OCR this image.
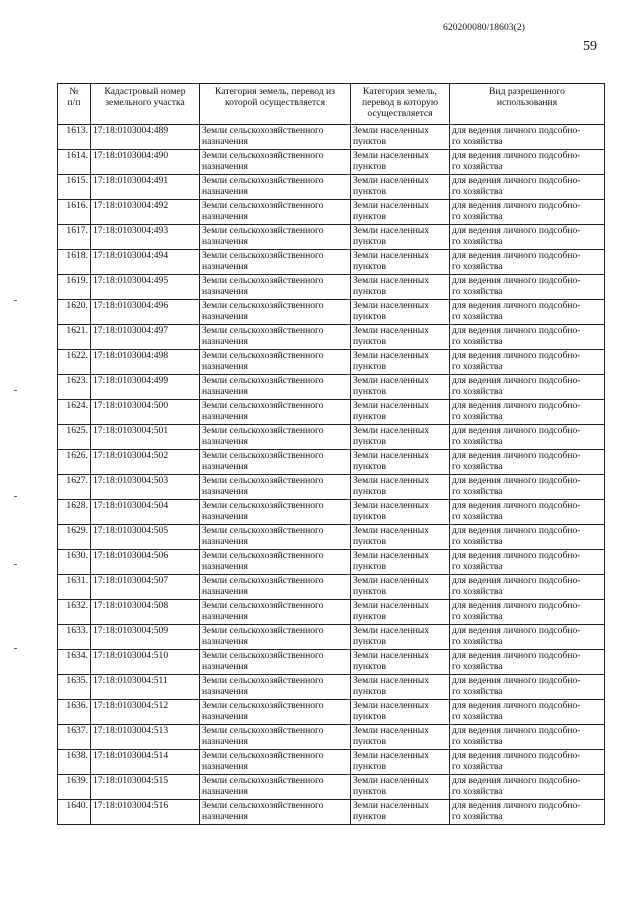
620200080/18603(2)
59
№
п/п	Кадастровый номер
земельного участка	Категория земель, перевод из
которой осуществляется	Категория земель,
перевод в которую
осуществляется	Вид разрешенного
использования

1613.	17:18:0103004:489	Земли сельскохозяйственного
назначения	Земли населенных
пунктов	для ведения личного подсобно-
го хозяйства

1614.	17:18:0103004:490	Земли сельскохозяйственного
назначения	Земли населенных
пунктов	для ведения личного подсобно-
го хозяйства

1615.	17:18:0103004:491	Земли сельскохозяйственного
назначения	Земли населенных
пунктов	для ведения личного подсобно-
го хозяйства

1616.	17:18:0103004:492	Земли сельскохозяйственного
назначения	Земли населенных
пунктов	для ведения личного подсобно-
го хозяйства

1617.	17:18:0103004:493	Земли сельскохозяйственного
назначения	Земли населенных
пунктов	для ведения личного подсобно-
го хозяйства

1618.	17:18:0103004:494	Земли сельскохозяйственного
назначения	Земли населенных
пунктов	для ведения личного подсобно-
го хозяйства

1619.	17:18:0103004:495	Земли сельскохозяйственного
назначения	Земли населенных
пунктов	для ведения личного подсобно-
го хозяйства

1620.	17:18:0103004:496	Земли сельскохозяйственного
назначения	Земли населенных
пунктов	для ведения личного подсобно-
го хозяйства

1621.	17:18:0103004:497	Земли сельскохозяйственного
назначения	Земли населенных
пунктов	для ведения личного подсобно-
го хозяйства

1622.	17:18:0103004:498	Земли сельскохозяйственного
назначения	Земли населенных
пунктов	для ведения личного подсобно-
го хозяйства

1623.	17:18:0103004:499	Земли сельскохозяйственного
назначения	Земли населенных
пунктов	для ведения личного подсобно-
го хозяйства

1624.	17:18:0103004:500	Земли сельскохозяйственного
назначения	Земли населенных
пунктов	для ведения личного подсобно-
го хозяйства

1625.	17:18:0103004:501	Земли сельскохозяйственного
назначения	Земли населенных
пунктов	для ведения личного подсобно-
го хозяйства

1626.	17:18:0103004:502	Земли сельскохозяйственного
назначения	Земли населенных
пунктов	для ведения личного подсобно-
го хозяйства

1627.	17:18:0103004:503	Земли сельскохозяйственного
назначения	Земли населенных
пунктов	для ведения личного подсобно-
го хозяйства

1628.	17:18:0103004:504	Земли сельскохозяйственного
назначения	Земли населенных
пунктов	для ведения личного подсобно-
го хозяйства

1629.	17:18:0103004:505	Земли сельскохозяйственного
назначения	Земли населенных
пунктов	для ведения личного подсобно-
го хозяйства

1630.	17:18:0103004:506	Земли сельскохозяйственного
назначения	Земли населенных
пунктов	для ведения личного подсобно-
го хозяйства

1631.	17:18:0103004:507	Земли сельскохозяйственного
назначения	Земли населенных
пунктов	для ведения личного подсобно-
го хозяйства

1632.	17:18:0103004:508	Земли сельскохозяйственного
назначения	Земли населенных
пунктов	для ведения личного подсобно-
го хозяйства

1633.	17:18:0103004:509	Земли сельскохозяйственного
назначения	Земли населенных
пунктов	для ведения личного подсобно-
го хозяйства

1634.	17:18:0103004:510	Земли сельскохозяйственного
назначения	Земли населенных
пунктов	для ведения личного подсобно-
го хозяйства

1635.	17:18:0103004:511	Земли сельскохозяйственного
назначения	Земли населенных
пунктов	для ведения личного подсобно-
го хозяйства

1636.	17:18:0103004:512	Земли сельскохозяйственного
назначения	Земли населенных
пунктов	для ведения личного подсобно-
го хозяйства

1637.	17:18:0103004:513	Земли сельскохозяйственного
назначения	Земли населенных
пунктов	для ведения личного подсобно-
го хозяйства

1638.	17:18:0103004:514	Земли сельскохозяйственного
назначения	Земли населенных
пунктов	для ведения личного подсобно-
го хозяйства

1639.	17:18:0103004:515	Земли сельскохозяйственного
назначения	Земли населенных
пунктов	для ведения личного подсобно-
го хозяйства

1640.	17:18:0103004:516	Земли сельскохозяйственного
назначения	Земли населенных
пунктов	для ведения личного подсобно-
го хозяйства
